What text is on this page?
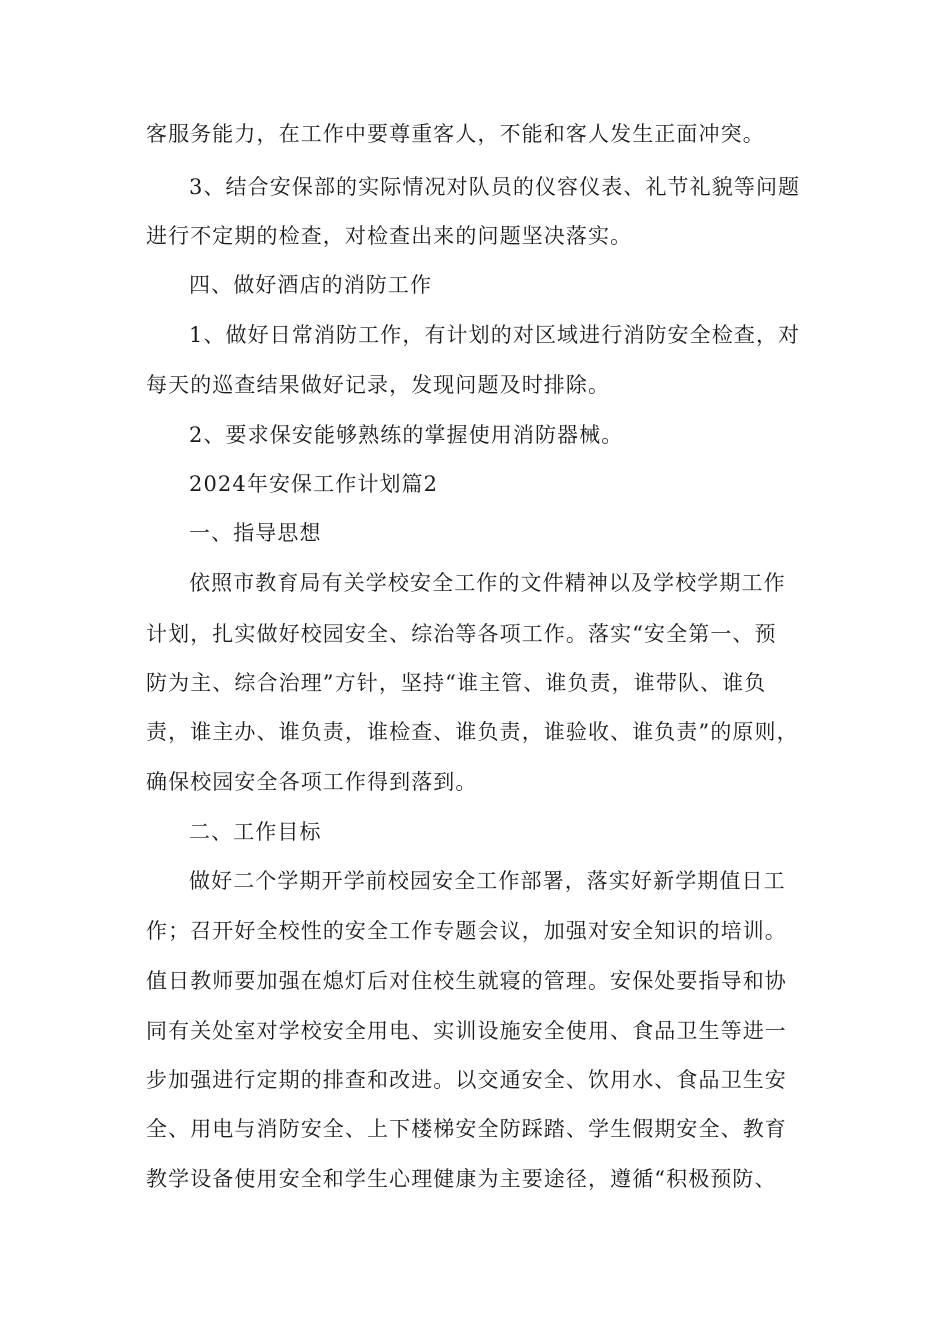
客服务能力，在工作中要尊重客人，不能和客人发生正面冲突。
3、结合安保部的实际情况对队员的仪容仪表、礼节礼貌等问题
进行不定期的检查，对检查出来的问题坚决落实。
四、做好酒店的消防工作
1、做好日常消防工作，有计划的对区域进行消防安全检查，对
每天的巡查结果做好记录，发现问题及时排除。
2、要求保安能够熟练的掌握使用消防器械。
2024年安保工作计划篇2
一、指导思想
依照市教育局有关学校安全工作的文件精神以及学校学期工作
计划，扎实做好校园安全、综治等各项工作。落实“安全第一、预
防为主、综合治理”方针，坚持“谁主管、谁负责，谁带队、谁负
责，谁主办、谁负责，谁检查、谁负责，谁验收、谁负责”的原则，
确保校园安全各项工作得到落到。
二、工作目标
做好二个学期开学前校园安全工作部署，落实好新学期值日工
作；召开好全校性的安全工作专题会议，加强对安全知识的培训。
值日教师要加强在熄灯后对住校生就寝的管理。安保处要指导和协
同有关处室对学校安全用电、实训设施安全使用、食品卫生等进一
步加强进行定期的排查和改进。以交通安全、饮用水、食品卫生安
全、用电与消防安全、上下楼梯安全防踩踏、学生假期安全、教育
教学设备使用安全和学生心理健康为主要途径，遵循“积极预防、
